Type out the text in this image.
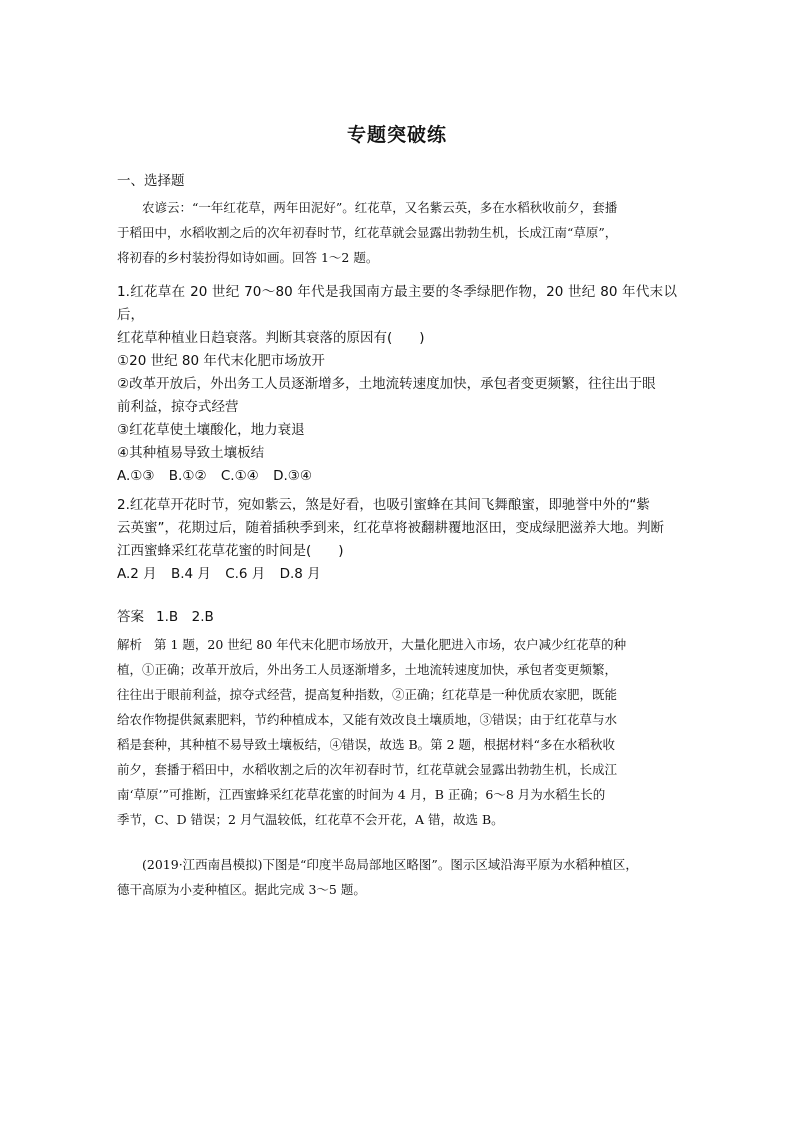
专题突破练
一、选择题

农谚云：“一年红花草，两年田泥好”。红花草，又名紫云英，多在水稻秋收前夕，套播

于稻田中，水稻收割之后的次年初春时节，红花草就会显露出勃勃生机，长成江南“草原”，

将初春的乡村装扮得如诗如画。回答 1～2 题。

1.红花草在 20 世纪 70～80 年代是我国南方最主要的冬季绿肥作物，20 世纪 80 年代末以后，

红花草种植业日趋衰落。判断其衰落的原因有(　　)

①20 世纪 80 年代末化肥市场放开

②改革开放后，外出务工人员逐渐增多，土地流转速度加快，承包者变更频繁，往往出于眼

前利益，掠夺式经营

③红花草使土壤酸化，地力衰退

④其种植易导致土壤板结

A.①③ B.①② C.①④ D.③④

2.红花草开花时节，宛如紫云，煞是好看，也吸引蜜蜂在其间飞舞酿蜜，即驰誉中外的“紫

云英蜜”，花期过后，随着插秧季到来，红花草将被翻耕覆地沤田，变成绿肥滋养大地。判断

江西蜜蜂采红花草花蜜的时间是(　　)

A.2 月 B.4 月 C.6 月 D.8 月

答案 1.B　2.B

解析 第 1 题，20 世纪 80 年代末化肥市场放开，大量化肥进入市场，农户减少红花草的种

植，①正确；改革开放后，外出务工人员逐渐增多，土地流转速度加快，承包者变更频繁，

往往出于眼前利益，掠夺式经营，提高复种指数，②正确；红花草是一种优质农家肥，既能

给农作物提供氮素肥料，节约种植成本，又能有效改良土壤质地，③错误；由于红花草与水

稻是套种，其种植不易导致土壤板结，④错误，故选 B。第 2 题，根据材料“多在水稻秋收

前夕，套播于稻田中，水稻收割之后的次年初春时节，红花草就会显露出勃勃生机，长成江

南‘草原’”可推断，江西蜜蜂采红花草花蜜的时间为 4 月，B 正确；6～8 月为水稻生长的

季节，C、D 错误；2 月气温较低，红花草不会开花，A 错，故选 B。

(2019·江西南昌模拟)下图是“印度半岛局部地区略图”。图示区域沿海平原为水稻种植区，

德干高原为小麦种植区。据此完成 3～5 题。
